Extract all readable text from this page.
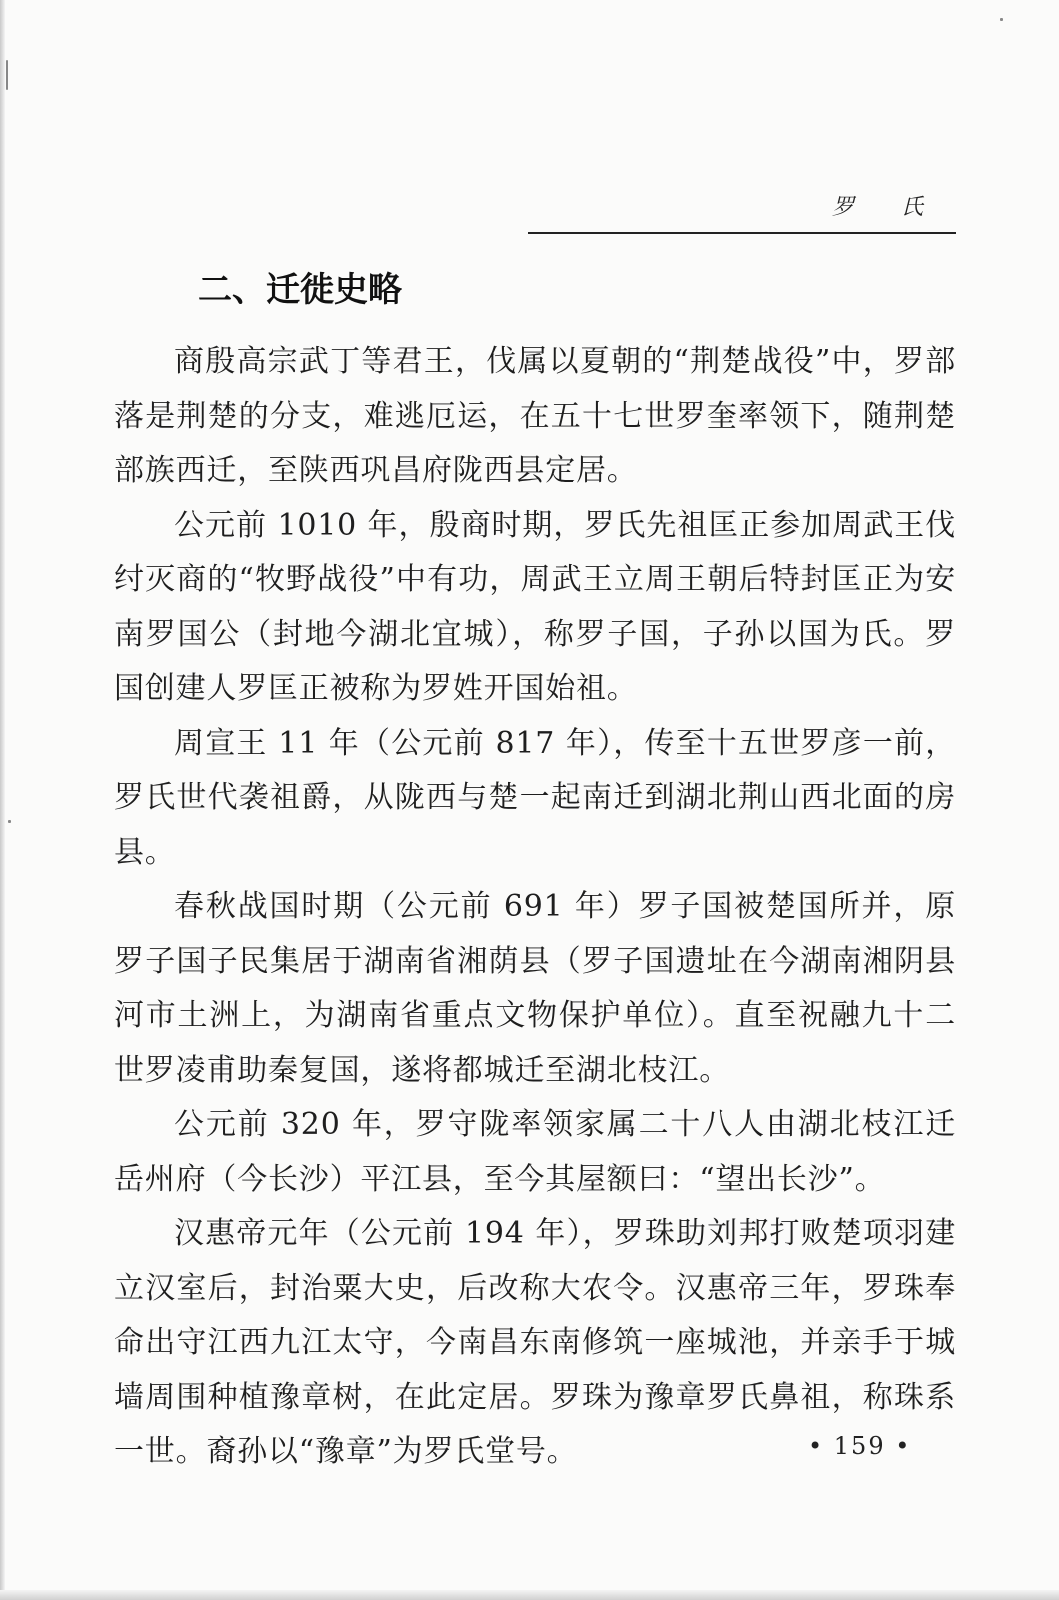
罗 氏
二、迁徙史略

商殷高宗武丁等君王，伐属以夏朝的“荆楚战役”中，罗部落是荆楚的分支，难逃厄运，在五十七世罗奎率领下，随荆楚部族西迁，至陕西巩昌府陇西县定居。

公元前 1010 年，殷商时期，罗氏先祖匡正参加周武王伐纣灭商的“牧野战役”中有功，周武王立周王朝后特封匡正为安南罗国公（封地今湖北宜城），称罗子国，子孙以国为氏。罗国创建人罗匡正被称为罗姓开国始祖。

周宣王 11 年（公元前 817 年），传至十五世罗彦一前，罗氏世代袭祖爵，从陇西与楚一起南迁到湖北荆山西北面的房县。

春秋战国时期（公元前 691 年）罗子国被楚国所并，原罗子国子民集居于湖南省湘荫县（罗子国遗址在今湖南湘阴县河市土洲上，为湖南省重点文物保护单位）。直至祝融九十二世罗凌甫助秦复国，遂将都城迁至湖北枝江。

公元前 320 年，罗守陇率领家属二十八人由湖北枝江迁岳州府（今长沙）平江县，至今其屋额曰：“望出长沙”。

汉惠帝元年（公元前 194 年），罗珠助刘邦打败楚项羽建立汉室后，封治粟大史，后改称大农令。汉惠帝三年，罗珠奉命出守江西九江太守，今南昌东南修筑一座城池，并亲手于城墙周围种植豫章树，在此定居。罗珠为豫章罗氏鼻祖，称珠系一世。裔孙以“豫章”为罗氏堂号。	• 159 •
